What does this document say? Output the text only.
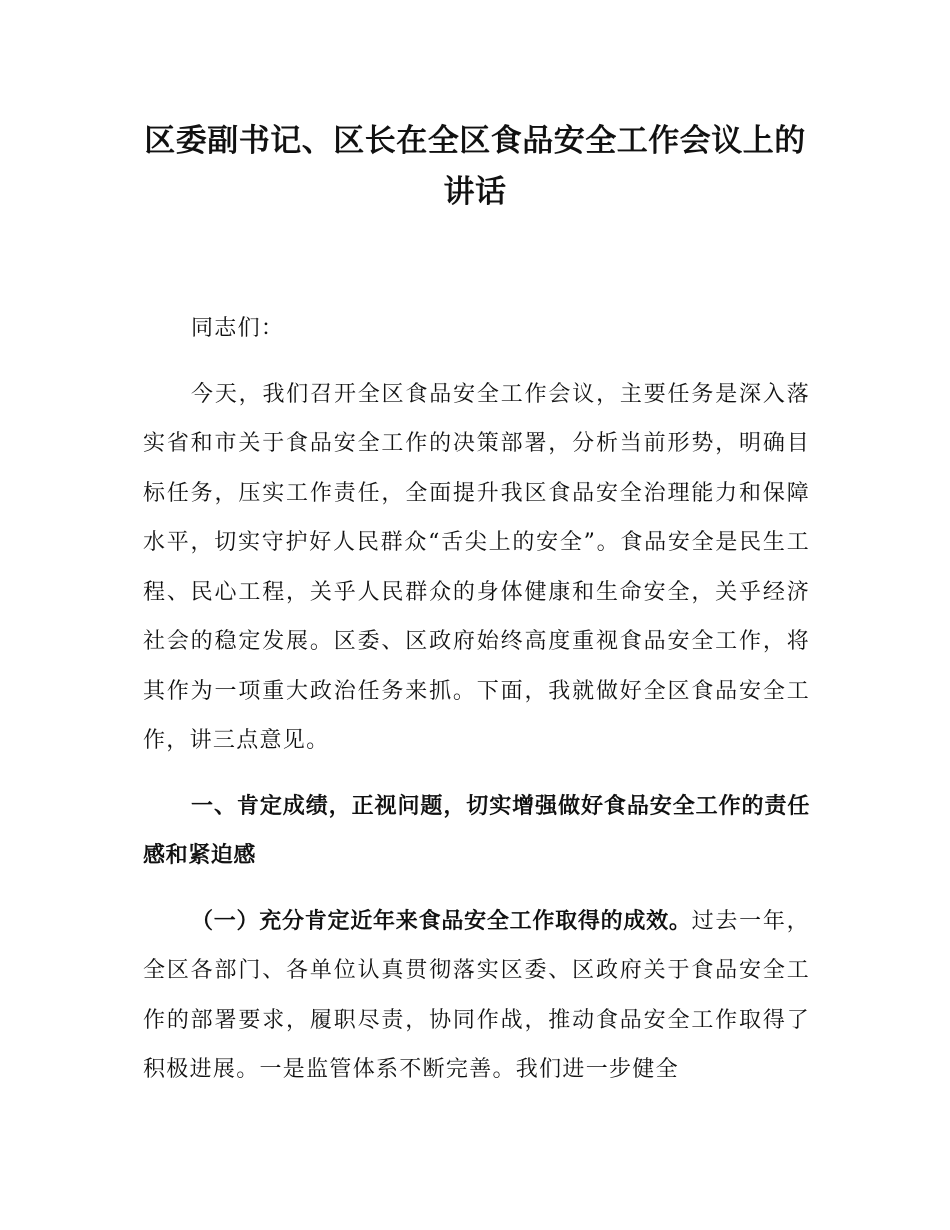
区委副书记、区长在全区食品安全工作会议上的讲话

同志们：

今天，我们召开全区食品安全工作会议，主要任务是深入落实省和市关于食品安全工作的决策部署，分析当前形势，明确目标任务，压实工作责任，全面提升我区食品安全治理能力和保障水平，切实守护好人民群众“舌尖上的安全”。食品安全是民生工程、民心工程，关乎人民群众的身体健康和生命安全，关乎经济社会的稳定发展。区委、区政府始终高度重视食品安全工作，将其作为一项重大政治任务来抓。下面，我就做好全区食品安全工作，讲三点意见。

一、肯定成绩，正视问题，切实增强做好食品安全工作的责任感和紧迫感

（一）充分肯定近年来食品安全工作取得的成效。过去一年，全区各部门、各单位认真贯彻落实区委、区政府关于食品安全工作的部署要求，履职尽责，协同作战，推动食品安全工作取得了积极进展。一是监管体系不断完善。我们进一步健全
